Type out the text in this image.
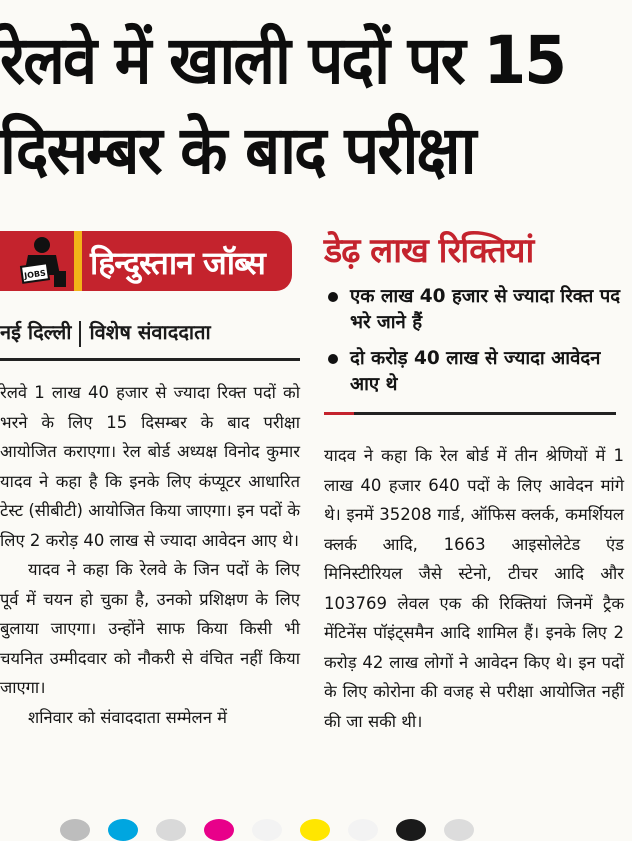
रेलवे में खाली पदों पर 15
दिसम्बर के बाद परीक्षा
JOBS हिन्दुस्तान जॉब्स
नई दिल्ली विशेष संवाददाता
डेढ़ लाख रिक्तियां
एक लाख 40 हजार से ज्यादा रिक्त पद भरे जाने हैं
दो करोड़ 40 लाख से ज्यादा आवेदन आए थे

रेलवे 1 लाख 40 हजार से ज्यादा रिक्त पदों को भरने के लिए 15 दिसम्बर के बाद परीक्षा आयोजित कराएगा। रेल बोर्ड अध्यक्ष विनोद कुमार यादव ने कहा है कि इनके लिए कंप्यूटर आधारित टेस्ट (सीबीटी) आयोजित किया जाएगा। इन पदों के लिए 2 करोड़ 40 लाख से ज्यादा आवेदन आए थे।

यादव ने कहा कि रेलवे के जिन पदों के लिए पूर्व में चयन हो चुका है, उनको प्रशिक्षण के लिए बुलाया जाएगा। उन्होंने साफ किया किसी भी चयनित उम्मीदवार को नौकरी से वंचित नहीं किया जाएगा।

शनिवार को संवाददाता सम्मेलन में

यादव ने कहा कि रेल बोर्ड में तीन श्रेणियों में 1 लाख 40 हजार 640 पदों के लिए आवेदन मांगे थे। इनमें 35208 गार्ड, ऑफिस क्लर्क, कमर्शियल क्लर्क आदि, 1663 आइसोलेटेड एंड मिनिस्टीरियल जैसे स्टेनो, टीचर आदि और 103769 लेवल एक की रिक्तियां जिनमें ट्रैक मेंटिनेंस पॉइंट्समैन आदि शामिल हैं। इनके लिए 2 करोड़ 42 लाख लोगों ने आवेदन किए थे। इन पदों के लिए कोरोना की वजह से परीक्षा आयोजित नहीं की जा सकी थी।
